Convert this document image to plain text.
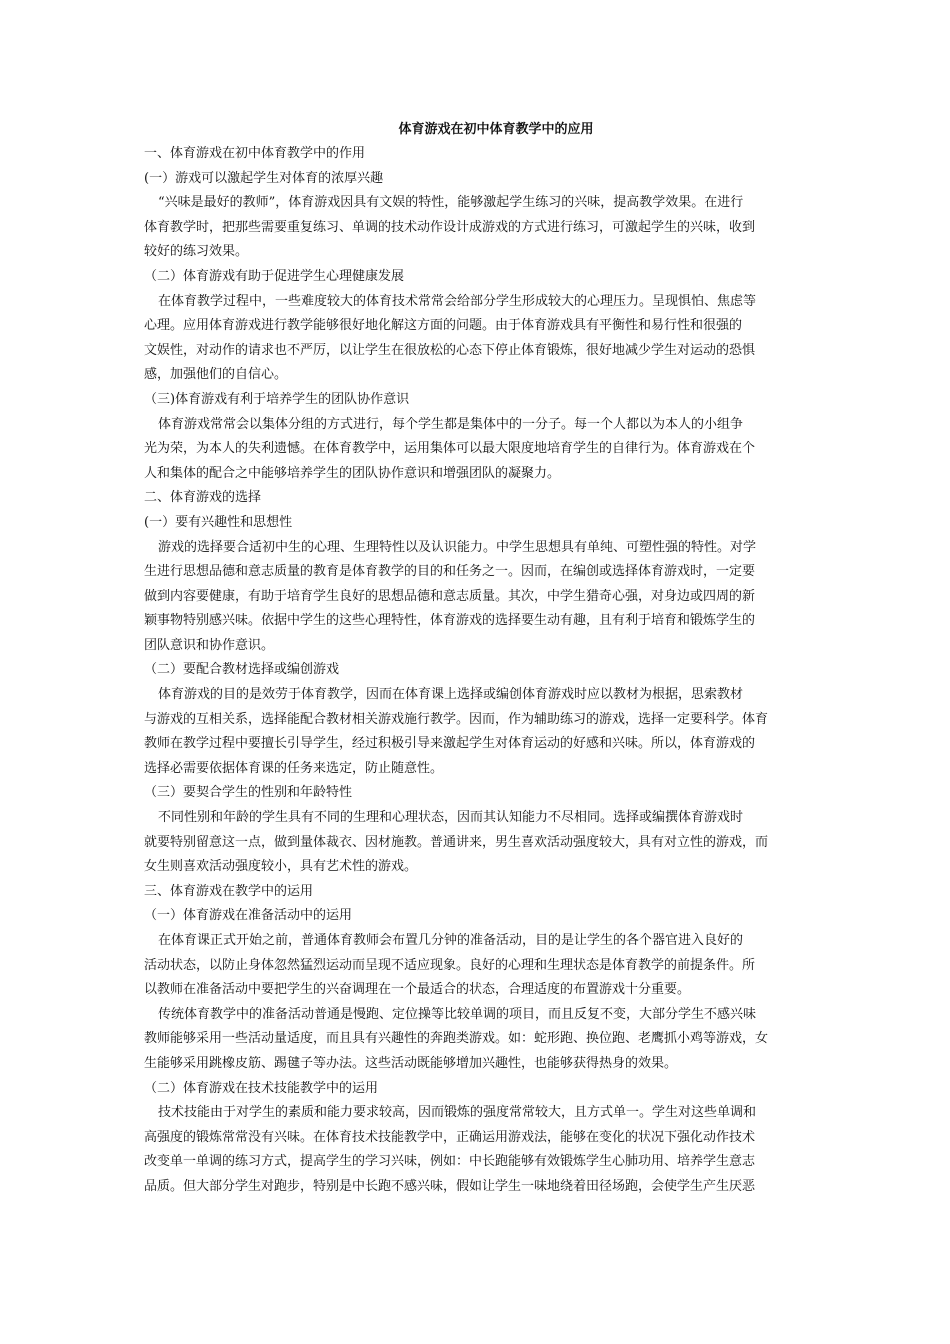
体育游戏在初中体育教学中的应用

一、体育游戏在初中体育教学中的作用

(一）游戏可以激起学生对体育的浓厚兴趣

“兴味是最好的教师”，体育游戏因具有文娱的特性，能够激起学生练习的兴味，提高教学效果。在进行

体育教学时，把那些需要重复练习、单调的技术动作设计成游戏的方式进行练习，可激起学生的兴味，收到

较好的练习效果。

（二）体育游戏有助于促进学生心理健康发展

在体育教学过程中，一些难度较大的体育技术常常会给部分学生形成较大的心理压力。呈现惧怕、焦虑等

心理。应用体育游戏进行教学能够很好地化解这方面的问题。由于体育游戏具有平衡性和易行性和很强的

文娱性，对动作的请求也不严厉，以让学生在很放松的心态下停止体育锻炼，很好地减少学生对运动的恐惧

感，加强他们的自信心。

（三)体育游戏有利于培养学生的团队协作意识

体育游戏常常会以集体分组的方式进行，每个学生都是集体中的一分子。每一个人都以为本人的小组争

光为荣，为本人的失利遗憾。在体育教学中，运用集体可以最大限度地培育学生的自律行为。体育游戏在个

人和集体的配合之中能够培养学生的团队协作意识和增强团队的凝聚力。

二、体育游戏的选择

(一）要有兴趣性和思想性

游戏的选择要合适初中生的心理、生理特性以及认识能力。中学生思想具有单纯、可塑性强的特性。对学

生进行思想品德和意志质量的教育是体育教学的目的和任务之一。因而，在编创或选择体育游戏时，一定要

做到内容要健康，有助于培育学生良好的思想品德和意志质量。其次，中学生猎奇心强，对身边或四周的新

颖事物特别感兴味。依据中学生的这些心理特性，体育游戏的选择要生动有趣，且有利于培育和锻炼学生的

团队意识和协作意识。

（二）要配合教材选择或编创游戏

体育游戏的目的是效劳于体育教学，因而在体育课上选择或编创体育游戏时应以教材为根据，思索教材

与游戏的互相关系，选择能配合教材相关游戏施行教学。因而，作为辅助练习的游戏，选择一定要科学。体育

教师在教学过程中要擅长引导学生，经过积极引导来激起学生对体育运动的好感和兴味。所以，体育游戏的

选择必需要依据体育课的任务来选定，防止随意性。

（三）要契合学生的性别和年龄特性

不同性别和年龄的学生具有不同的生理和心理状态，因而其认知能力不尽相同。选择或编撰体育游戏时

就要特别留意这一点，做到量体裁衣、因材施教。普通讲来，男生喜欢活动强度较大，具有对立性的游戏，而

女生则喜欢活动强度较小，具有艺术性的游戏。

三、体育游戏在教学中的运用

（一）体育游戏在准备活动中的运用

在体育课正式开始之前，普通体育教师会布置几分钟的准备活动，目的是让学生的各个器官进入良好的

活动状态，以防止身体忽然猛烈运动而呈现不适应现象。良好的心理和生理状态是体育教学的前提条件。所

以教师在准备活动中要把学生的兴奋调理在一个最适合的状态，合理适度的布置游戏十分重要。

传统体育教学中的准备活动普通是慢跑、定位操等比较单调的项目，而且反复不变，大部分学生不感兴味

教师能够采用一些活动量适度，而且具有兴趣性的奔跑类游戏。如：蛇形跑、换位跑、老鹰抓小鸡等游戏，女

生能够采用跳橡皮筋、踢毽子等办法。这些活动既能够增加兴趣性，也能够获得热身的效果。

（二）体育游戏在技术技能教学中的运用

技术技能由于对学生的素质和能力要求较高，因而锻炼的强度常常较大，且方式单一。学生对这些单调和

高强度的锻炼常常没有兴味。在体育技术技能教学中，正确运用游戏法，能够在变化的状况下强化动作技术

改变单一单调的练习方式，提高学生的学习兴味，例如：中长跑能够有效锻炼学生心肺功用、培养学生意志

品质。但大部分学生对跑步，特别是中长跑不感兴味，假如让学生一味地绕着田径场跑，会使学生产生厌恶
